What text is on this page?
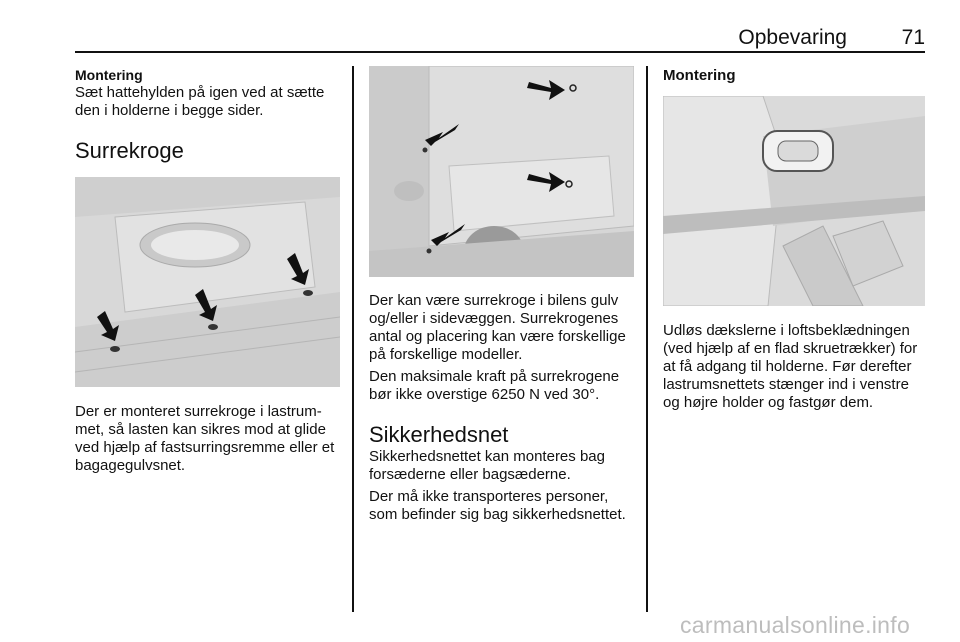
Opbevaring	71
Montering

Sæt hattehylden på igen ved at sætte den i holderne i begge sider.

Surrekroge

Der er monteret surrekroge i lastrummet, så lasten kan sikres mod at glide ved hjælp af fastsurringsremme eller et bagagegulvsnet.

Der kan være surrekroge i bilens gulv og/eller i sidevæggen. Surrekrogenes antal og placering kan være forskellige på forskellige modeller.

Den maksimale kraft på surrekrogene bør ikke overstige 6250 N ved 30°.

Sikkerhedsnet

Sikkerhedsnettet kan monteres bag forsæderne eller bagsæderne.

Der må ikke transporteres personer, som befinder sig bag sikkerhedsnettet.

Montering

Udløs dækslerne i loftsbeklædningen (ved hjælp af en flad skruetrækker) for at få adgang til holderne. Før derefter lastrumsnettets stænger ind i venstre og højre holder og fastgør dem.

carmanualsonline.info
